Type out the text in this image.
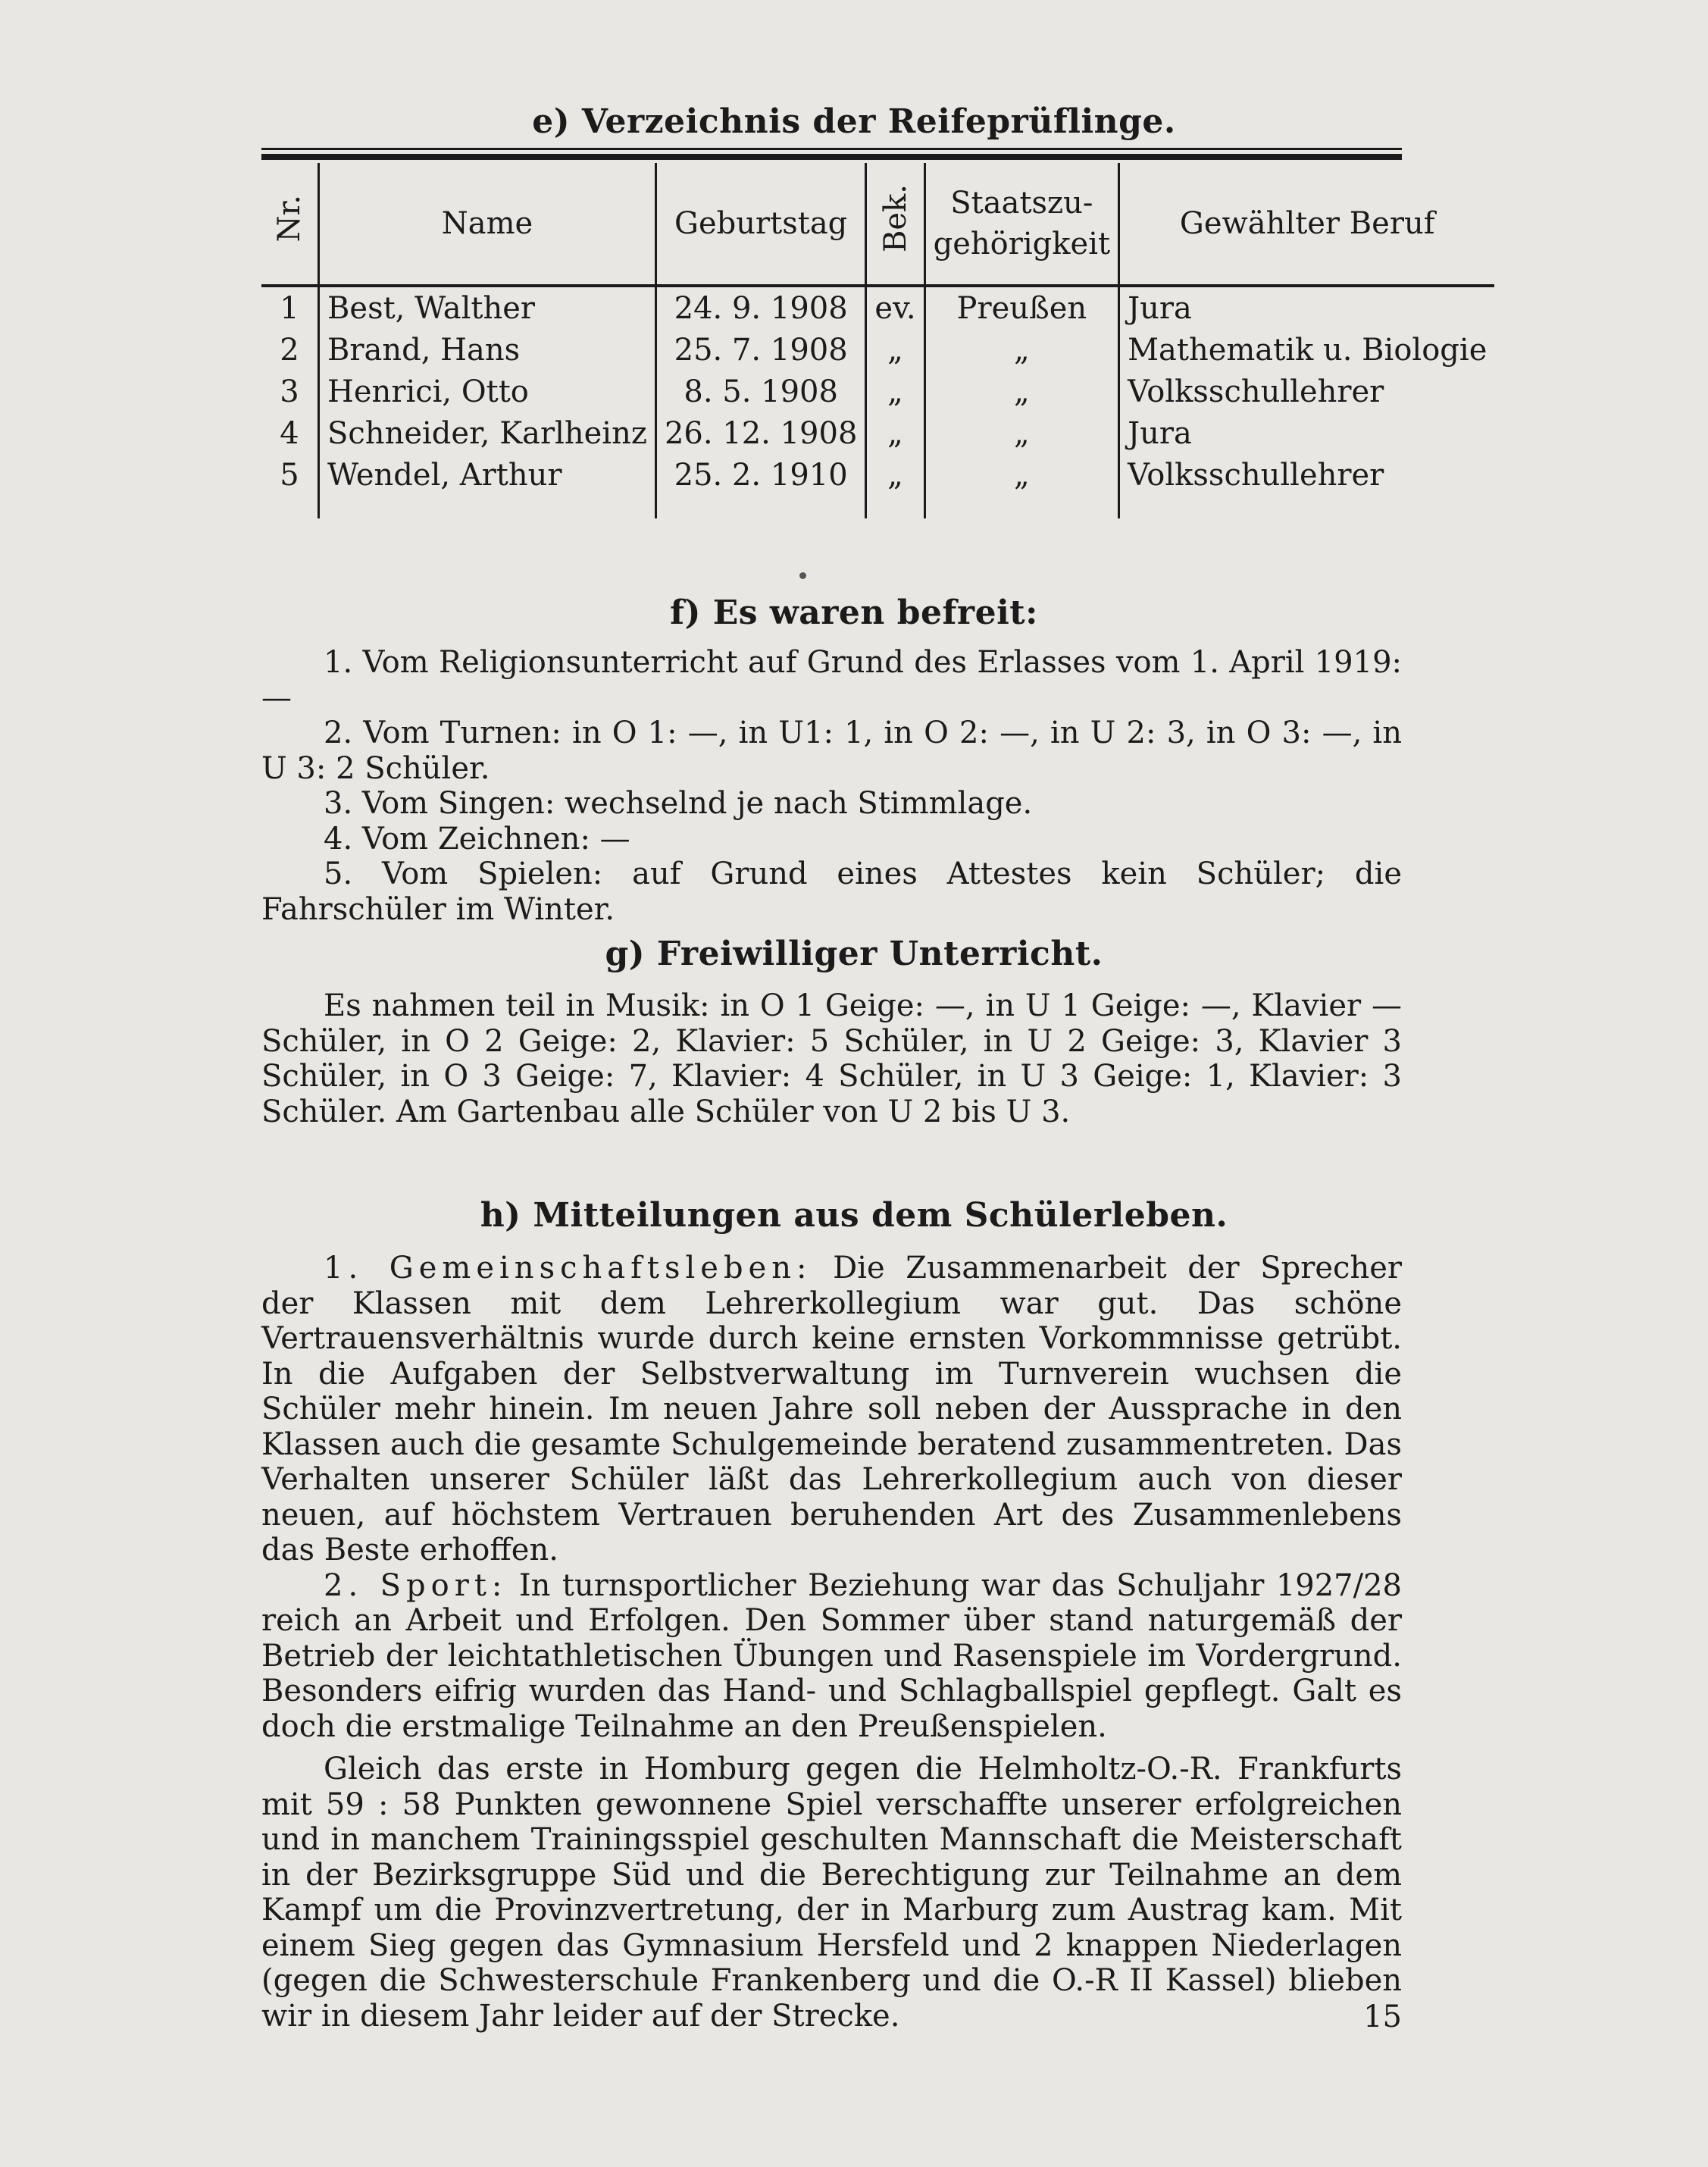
e) Verzeichnis der Reifeprüflinge.
Nr.	Name	Geburtstag	Bek.	Staatszu-
gehörigkeit	Gewählter Beruf
1	Best, Walther	24. 9. 1908	ev.	Preußen	Jura
2	Brand, Hans	25. 7. 1908	„	„	Mathematik u. Biologie
3	Henrici, Otto	8. 5. 1908	„	„	Volksschullehrer
4	Schneider, Karlheinz	26. 12. 1908	„	„	Jura
5	Wendel, Arthur	25. 2. 1910	„	„	Volksschullehrer
f) Es waren befreit:

1. Vom Religionsunterricht auf Grund des Erlasses vom 1. April 1919: —

2. Vom Turnen: in O 1: —, in U1: 1, in O 2: —, in U 2: 3, in O 3: —, in U 3: 2 Schüler.

3. Vom Singen: wechselnd je nach Stimmlage.

4. Vom Zeichnen: —

5. Vom Spielen: auf Grund eines Attestes kein Schüler; die Fahrschüler im Winter.

g) Freiwilliger Unterricht.

Es nahmen teil in Musik: in O 1 Geige: —, in U 1 Geige: —, Klavier — Schüler, in O 2 Geige: 2, Klavier: 5 Schüler, in U 2 Geige: 3, Klavier 3 Schüler, in O 3 Geige: 7, Klavier: 4 Schüler, in U 3 Geige: 1, Klavier: 3 Schüler. Am Gartenbau alle Schüler von U 2 bis U 3.

h) Mitteilungen aus dem Schülerleben.

1. Gemeinschaftsleben: Die Zusammenarbeit der Sprecher der Klassen mit dem Lehrerkollegium war gut. Das schöne Vertrauensverhältnis wurde durch keine ernsten Vorkommnisse getrübt. In die Aufgaben der Selbstverwaltung im Turnverein wuchsen die Schüler mehr hinein. Im neuen Jahre soll neben der Aussprache in den Klassen auch die gesamte Schulgemeinde beratend zusammentreten. Das Verhalten unserer Schüler läßt das Lehrerkollegium auch von dieser neuen, auf höchstem Vertrauen beruhenden Art des Zusammenlebens das Beste erhoffen.

2. Sport: In turnsportlicher Beziehung war das Schuljahr 1927/28 reich an Arbeit und Erfolgen. Den Sommer über stand naturgemäß der Betrieb der leichtathletischen Übungen und Rasenspiele im Vordergrund. Besonders eifrig wurden das Hand- und Schlagballspiel gepflegt. Galt es doch die erstmalige Teilnahme an den Preußenspielen.

Gleich das erste in Homburg gegen die Helmholtz-O.-R. Frankfurts mit 59 : 58 Punkten gewonnene Spiel verschaffte unserer erfolgreichen und in manchem Trainingsspiel geschulten Mannschaft die Meisterschaft in der Bezirksgruppe Süd und die Berechtigung zur Teilnahme an dem Kampf um die Provinzvertretung, der in Marburg zum Austrag kam. Mit einem Sieg gegen das Gymnasium Hersfeld und 2 knappen Niederlagen (gegen die Schwesterschule Frankenberg und die O.-R II Kassel) blieben wir in diesem Jahr leider auf der Strecke.	15
